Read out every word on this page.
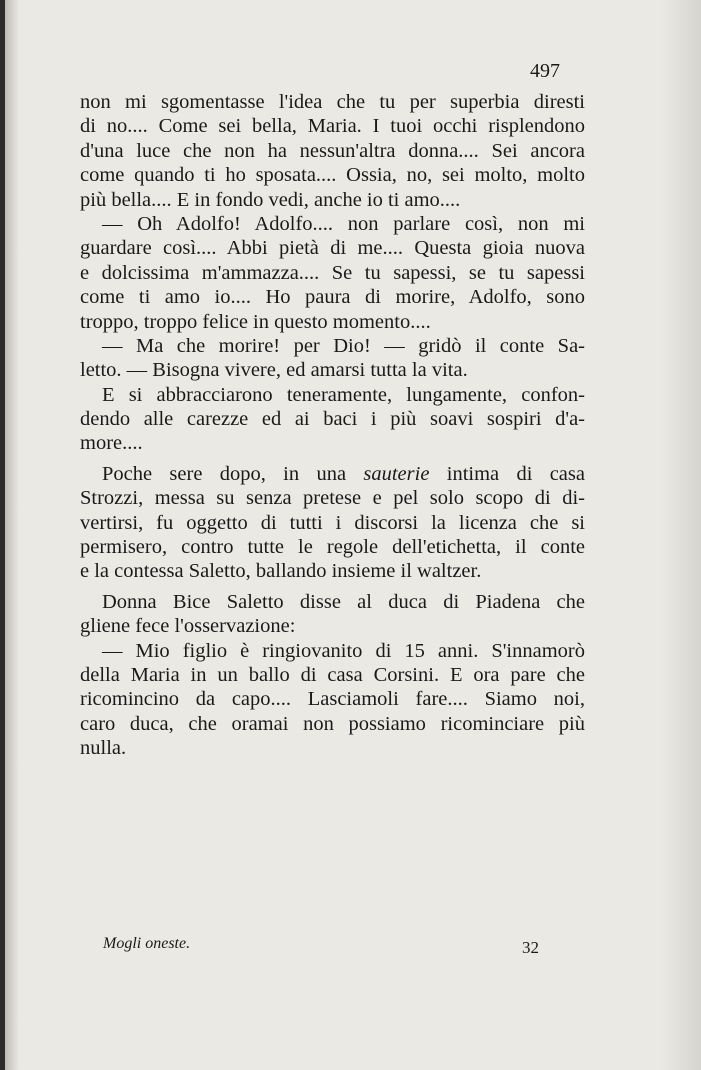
497
non mi sgomentasse l'idea che tu per superbia diresti
di no.... Come sei bella, Maria. I tuoi occhi risplendono
d'una luce che non ha nessun'altra donna.... Sei ancora
come quando ti ho sposata.... Ossia, no, sei molto, molto
più bella.... E in fondo vedi, anche io ti amo....
— Oh Adolfo! Adolfo.... non parlare così, non mi
guardare così.... Abbi pietà di me.... Questa gioia nuova
e dolcissima m'ammazza.... Se tu sapessi, se tu sapessi
come ti amo io.... Ho paura di morire, Adolfo, sono
troppo, troppo felice in questo momento....
— Ma che morire! per Dio! — gridò il conte Sa-
letto. — Bisogna vivere, ed amarsi tutta la vita.
E si abbracciarono teneramente, lungamente, confon-
dendo alle carezze ed ai baci i più soavi sospiri d'a-
more....
Poche sere dopo, in una sauterie intima di casa
Strozzi, messa su senza pretese e pel solo scopo di di-
vertirsi, fu oggetto di tutti i discorsi la licenza che si
permisero, contro tutte le regole dell'etichetta, il conte
e la contessa Saletto, ballando insieme il waltzer.
Donna Bice Saletto disse al duca di Piadena che
gliene fece l'osservazione:
— Mio figlio è ringiovanito di 15 anni. S'innamorò
della Maria in un ballo di casa Corsini. E ora pare che
ricomincino da capo.... Lasciamoli fare.... Siamo noi,
caro duca, che oramai non possiamo ricominciare più
nulla.
Mogli oneste.	32
